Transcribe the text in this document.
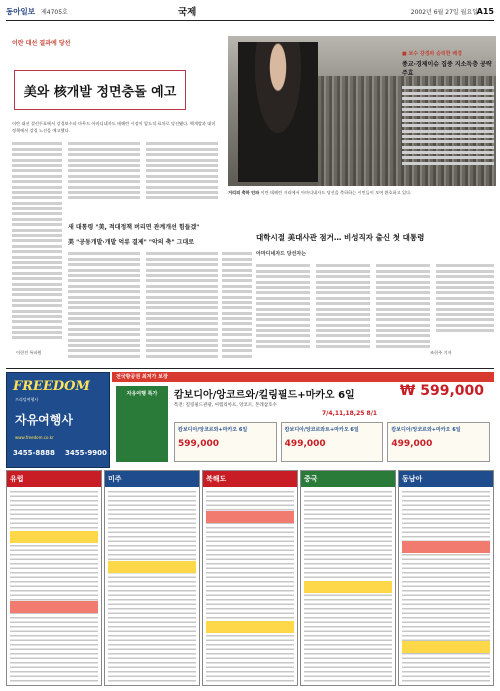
동아일보 제4705호	국제	2002년 6월 27일 월요일
A15
이란 대선 결과에 당선
美와 核개발 정면충돌 예고
이란 대선 결선투표에서 강경보수파 마무드 아마디네자드 테헤란 시장이 압도적 표차로 당선됐다. 핵개발과 대미 정책에서 강경 노선을 예고했다.
새 대통령 "美, 적대정책 버리면 관계개선 힘들겠"
美 "공동개발·개발 억류 결제" "악의 축" 그대로
이헌진 특파원
거리의 축하 인파 이란 테헤란 거리에서 아마디네자드 당선을 축하하는 시민들이 모여 환호하고 있다.
■ 보수 강경파 승리한 배경
종교·경제이슈 집중 지소득층 공략 주효
대학시절 美대사관 점거… 비성직자 출신 첫 대통령
아마디네자드 당선자는
조헌주 기자
FREEDOM
프리덤여행사
자유여행사
www.freedom.co.kr
3455-8888 3455-9900
전국항공권 최저가 보장
자유여행 특가	캄보디아/앙코르와/킬링필드+마카오 6일	₩ 599,000
특전: 킬링필드관광, 씨엠리아프, 앙코르, 톤레삽호수
7/4,11,18,25 8/1
캄보디아/앙코르와+마카오 6일
599,000
캄보디아/앙코르와트+마카오 6일
499,000
캄보디아/앙코르와+마카오 6일
499,000
유럽	미주	북해도	중국	동남아
